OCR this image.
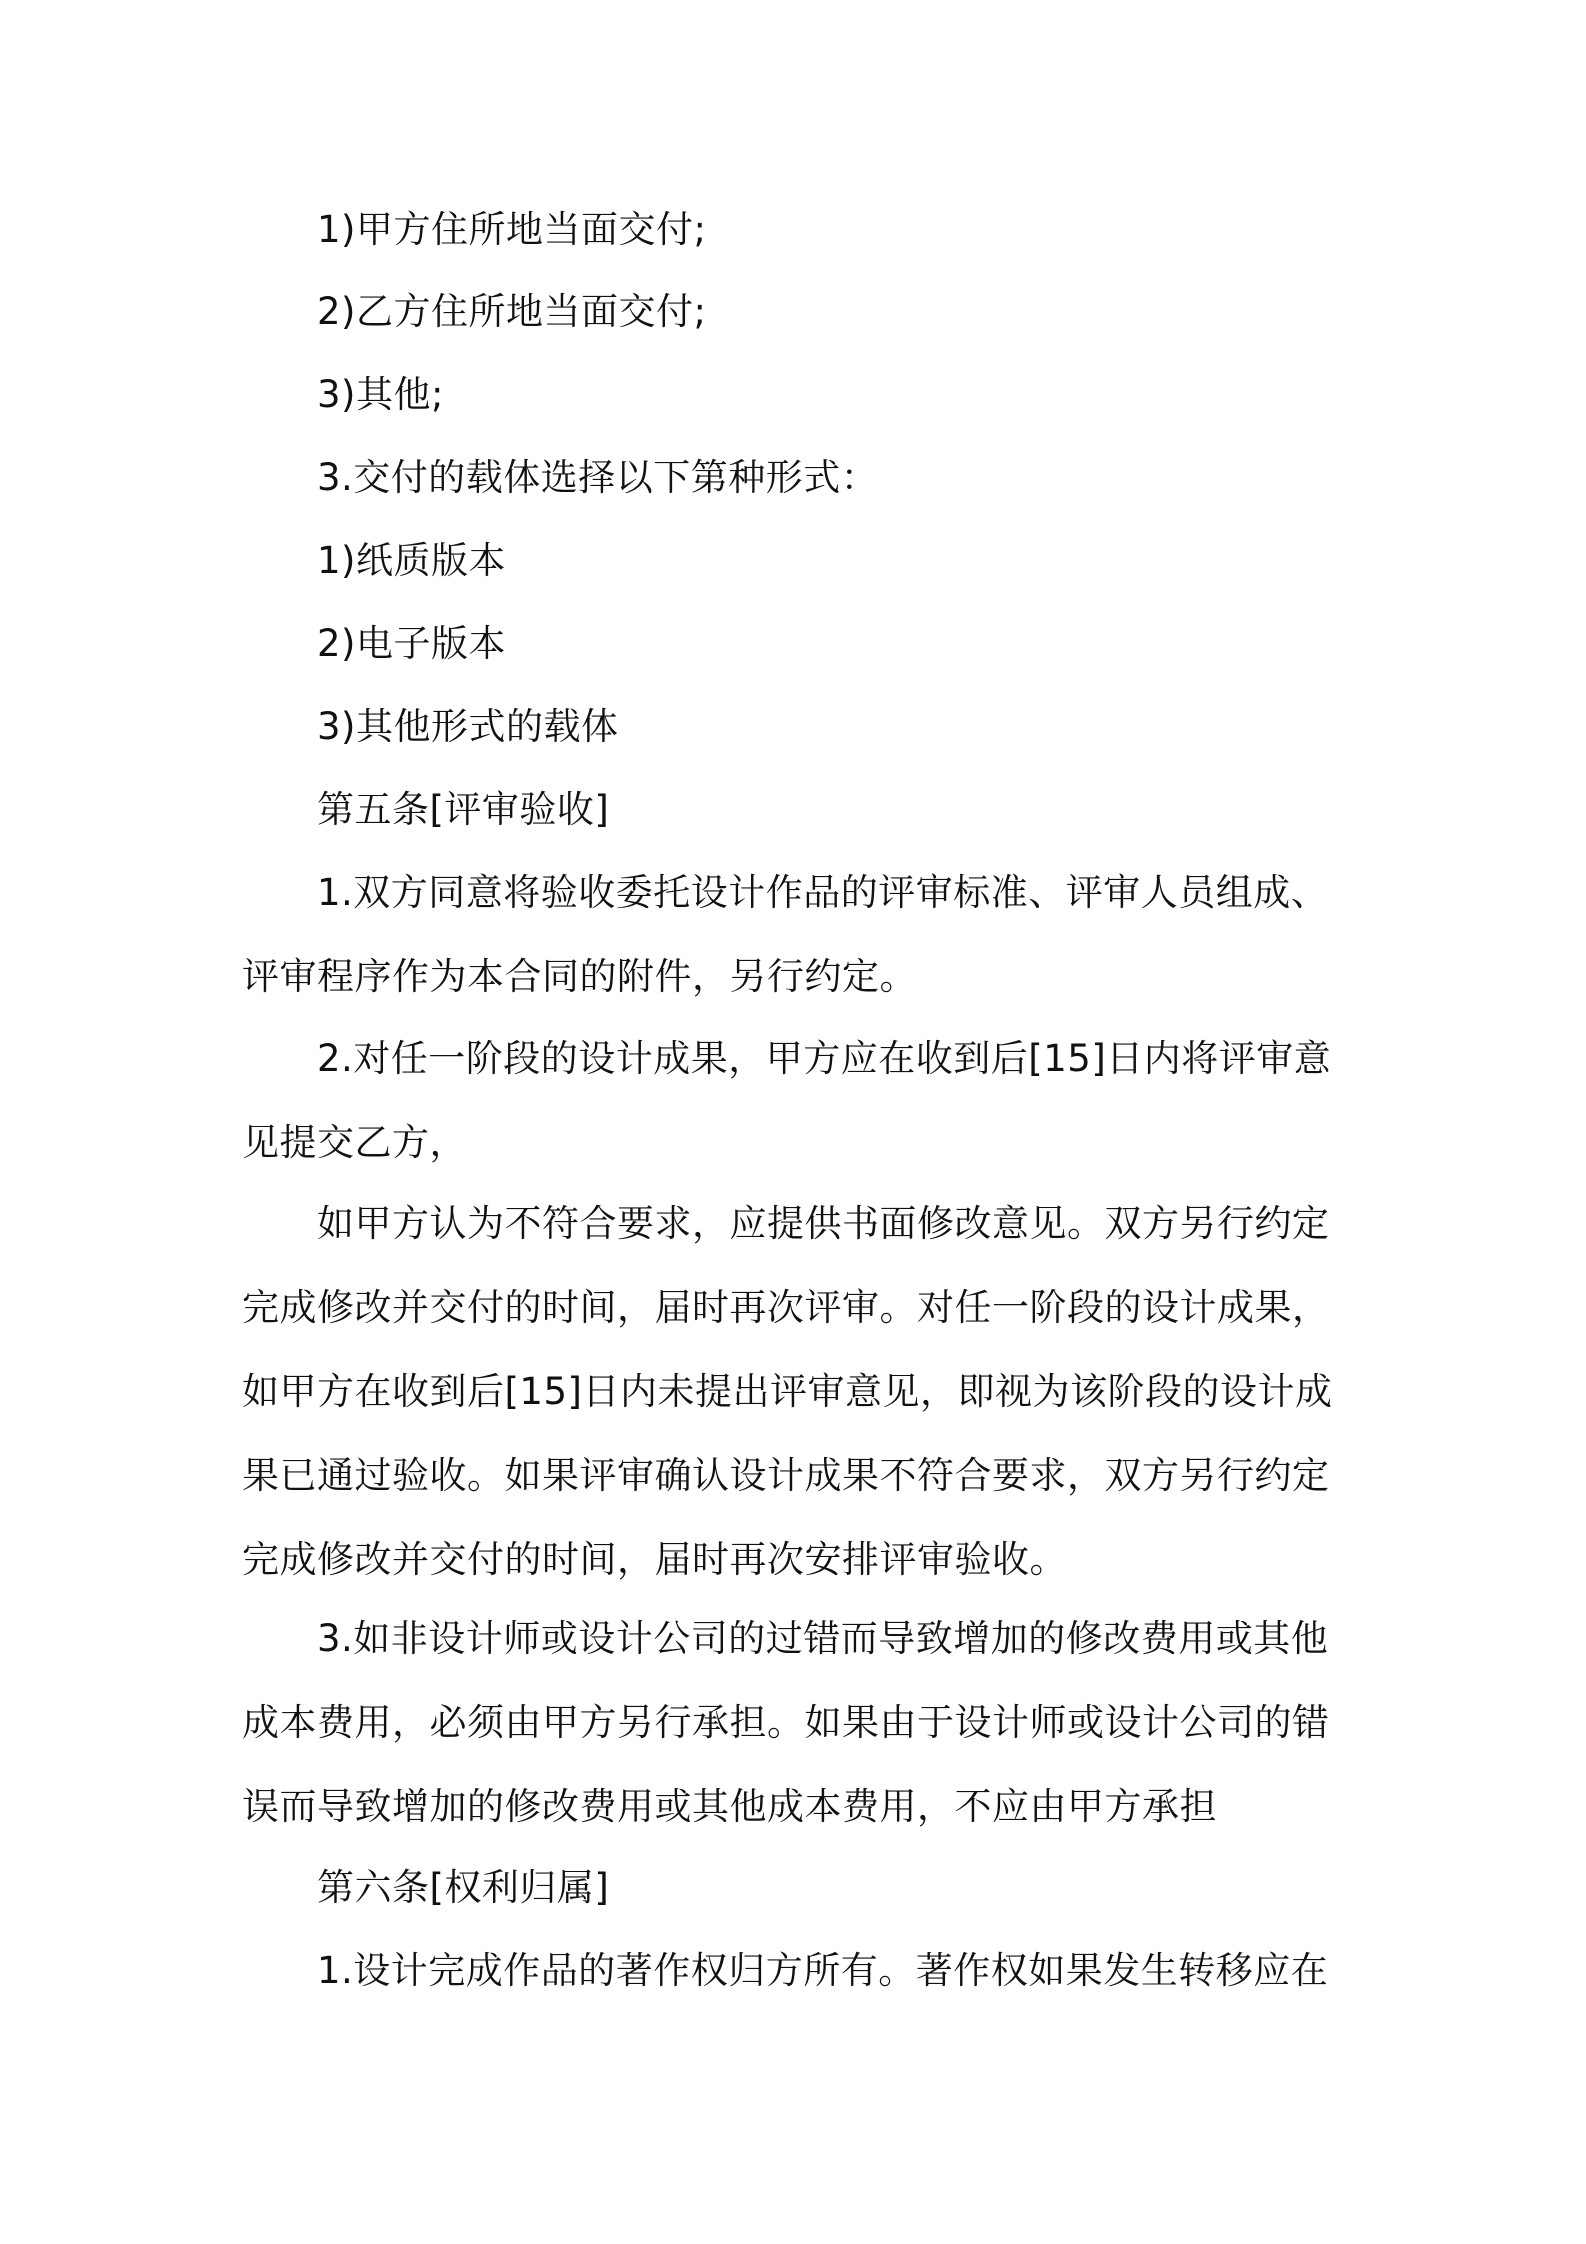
1)甲方住所地当面交付;
2)乙方住所地当面交付;
3)其他;
3.交付的载体选择以下第种形式：
1)纸质版本
2)电子版本
3)其他形式的载体
第五条[评审验收]
1.双方同意将验收委托设计作品的评审标准、评审人员组成、评审程序作为本合同的附件，另行约定。
2.对任一阶段的设计成果，甲方应在收到后[15]日内将评审意见提交乙方，
如甲方认为不符合要求，应提供书面修改意见。双方另行约定完成修改并交付的时间，届时再次评审。对任一阶段的设计成果，如甲方在收到后[15]日内未提出评审意见，即视为该阶段的设计成果已通过验收。如果评审确认设计成果不符合要求，双方另行约定完成修改并交付的时间，届时再次安排评审验收。
3.如非设计师或设计公司的过错而导致增加的修改费用或其他成本费用，必须由甲方另行承担。如果由于设计师或设计公司的错误而导致增加的修改费用或其他成本费用，不应由甲方承担
第六条[权利归属]
1.设计完成作品的著作权归方所有。著作权如果发生转移应在
